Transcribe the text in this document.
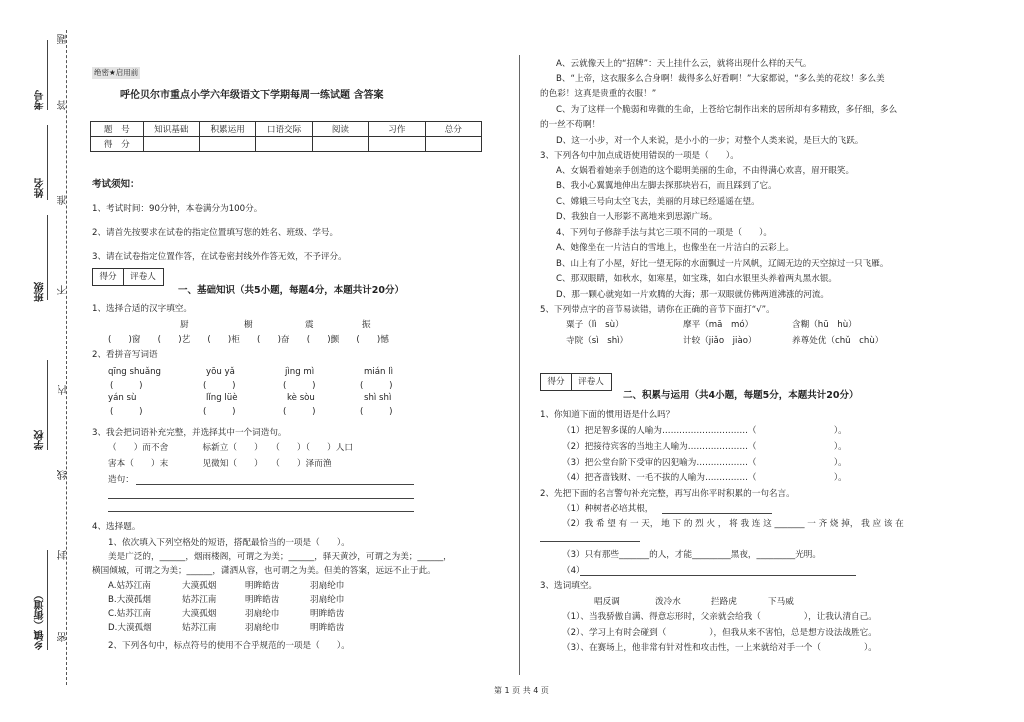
考号
姓名
班级
学校
乡镇（街道）
题
答
准
不
内
线
封
密
绝密★启用前
呼伦贝尔市重点小学六年级语文下学期每周一练试题 含答案
题　号	知识基础	积累运用	口语交际	阅读	习作	总分
得　分						
考试须知：
1、考试时间：90分钟，本卷满分为100分。
2、请首先按要求在试卷的指定位置填写您的姓名、班级、学号。
3、请在试卷指定位置作答，在试卷密封线外作答无效，不予评分。
得分 评卷人
一、基础知识（共5小题，每题4分，本题共计20分）
1、选择合适的汉字填空。
厨	橱	震	振
(　　)窗　　(　　)艺　　(　　)柜　　(　　)奋　　(　　)颤　　(　　)憾
2、看拼音写词语
qīng shuǎng	yōu yǎ	jìng mì	mián lì
(　　　)	(　　　)	(　　　)	(　　　)
yán sù	lǐng lüè	kè sòu	shì shì
(　　　)	(　　　)	(　　　)	(　　　)
3、我会把词语补充完整，并选择其中一个词造句。
（　　）而不舍　　　　标新立（　　）　　（　　）（　　）人口
害本（　　）末　　　　见微知（　　）　　（　　）泽而渔
造句：
4、选择题。
1、依次填入下列空格处的短语，搭配最恰当的一项是（　　）。
美是广泛的，______，烟雨楼阁，可谓之为美；______，驿天黄沙，可谓之为美；______，
横国倾城，可谓之为美；______，潇洒从容，也可谓之为美。但美的答案，远远不止于此。
A.姑苏江南	大漠孤烟	明眸皓齿	羽扇纶巾
B.大漠孤烟	姑苏江南	明眸皓齿	羽扇纶巾
C.姑苏江南	大漠孤烟	羽扇纶巾	明眸皓齿
D.大漠孤烟	姑苏江南	羽扇纶巾	明眸皓齿
2、下列各句中，标点符号的使用不合乎规范的一项是（　　）。
A、云就像天上的“招牌”：天上挂什么云，就将出现什么样的天气。
B、“上帝，这衣服多么合身啊！裁得多么好看啊！”大家都说，“多么美的花纹！多么美
的色彩！这真是贵重的衣服！”
C、为了这样一个脆弱和卑微的生命，上苍给它制作出来的居所却有多精致，多仔细，多么
的一丝不苟啊！
D、这一小步，对一个人来说，是小小的一步；对整个人类来说，是巨大的飞跃。
3、下列各句中加点成语使用错误的一项是（　　）。
A、女娲看着她亲手创造的这个聪明美丽的生命，不由得满心欢喜，眉开眼笑。
B、我小心翼翼地伸出左脚去探那块岩石，而且踩到了它。
C、嫦娥三号向太空飞去，美丽的月球已经遥遥在望。
D、我独自一人形影不离地来到思源广场。
4、下列句子修辞手法与其它三项不同的一项是（　　）。
A、她像坐在一片洁白的雪地上，也像坐在一片洁白的云彩上。
B、山上有了小屋，好比一望无际的水面飘过一片风帆，辽阔无边的天空掠过一只飞雁。
C、那双眼睛，如秋水，如寒星，如宝珠，如白水银里头养着两丸黑水银。
D、那一颗心就宛如一片欢腾的大海；那一双眼就仿佛两道沸涨的河流。
5、下列带点字的音节易读错，请你在正确的音节下面打“√”。
粟子（lì　sù）	摩平（mā　mó）	含糊（hū　hù）
寺院（sì　shì）	计较（jiǎo　jiào）	养尊处优（chǔ　chù）
得分 评卷人
二、积累与运用（共4小题，每题5分，本题共计20分）
1、你知道下面的惯用语是什么吗？
（1）把足智多谋的人喻为…………………………（　　　　　　　　　）。
（2）把接待宾客的当地主人喻为…………………（　　　　　　　　　）。
（3）把公堂台阶下受审的囚犯喻为………………（　　　　　　　　　）。
（4）把吝啬钱财、一毛不拔的人喻为……………（　　　　　　　　　）。
2、先把下面的名言警句补充完整，再写出你平时积累的一句名言。
（1）种树者必培其根，
（2）我 希 望 有 一 天， 地 下 的 烈 火 ， 将 我 连 这 _______ 一 齐 烧 掉， 我 应 该 在
（3）只有那些_______的人，才能_________黑夜，_________光明。
（4）
3、选词填空。
唱反调	泼冷水	拦路虎	下马威
（1）、当我骄傲自满、得意忘形时，父亲就会给我（　　　　　），让我认清自己。
（2）、学习上有时会碰到（　　　　　），但我从来不害怕，总是想方设法战胜它。
（3）、在赛场上，他非常有针对性和攻击性，一上来就给对手一个（　　　　　）。
第 1 页 共 4 页
